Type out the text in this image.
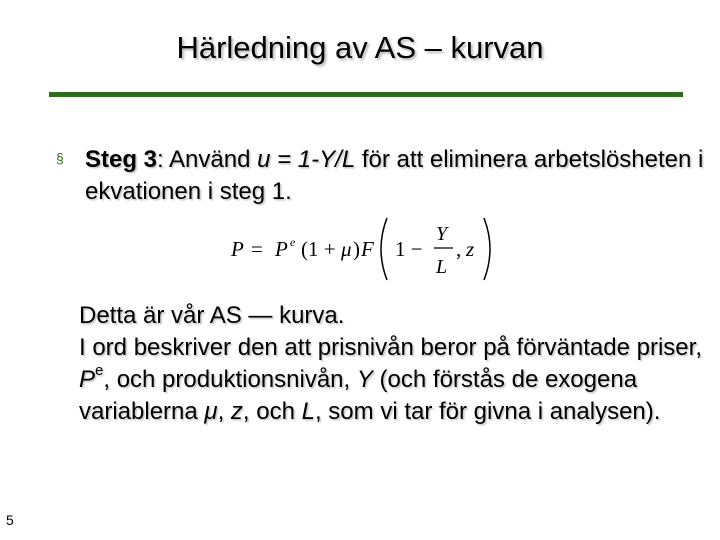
Härledning av AS – kurvan
§ Steg 3: Använd u = 1-Y/L för att eliminera arbetslösheten i ekvationen i steg 1.
P = P e (1 + μ ) F 1 −
Y
L
, z
Detta är vår AS — kurva.
I ord beskriver den att prisnivån beror på förväntade priser, $P^e$, och produktionsnivån, Y (och förstås de exogena variablerna μ, z, och L, som vi tar för givna i analysen).
5
